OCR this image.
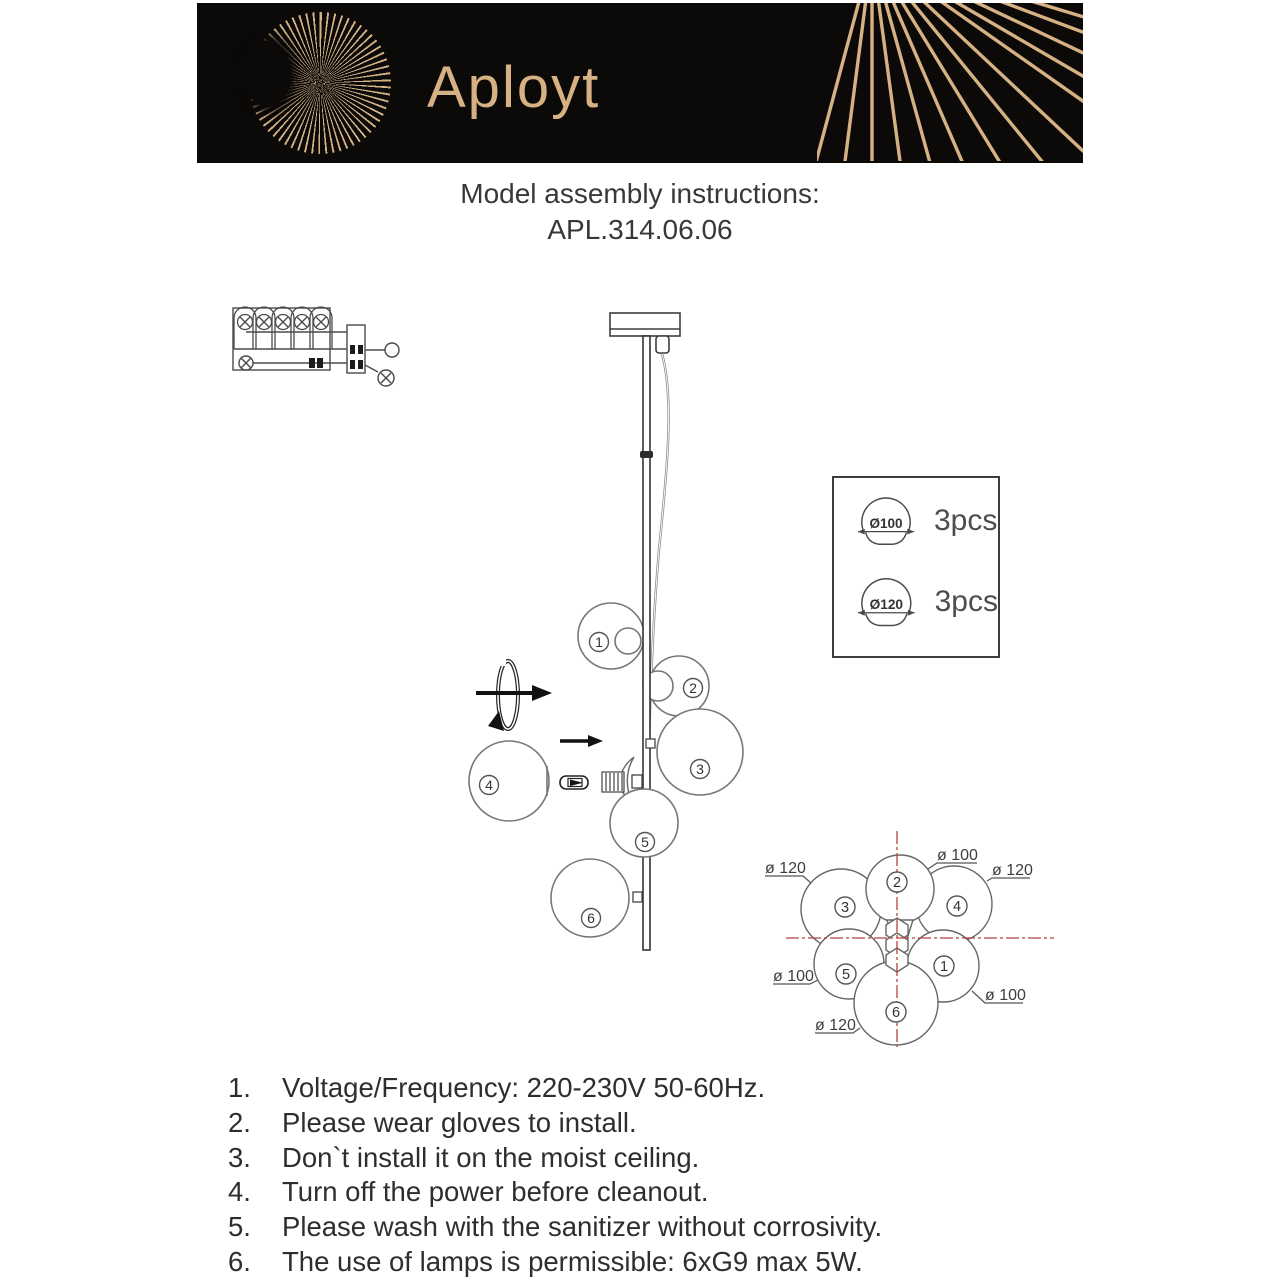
Aployt
Model assembly instructions:
APL.314.06.06
1
2
3
4
5
6
Ø100 3pcs
Ø120 3pcs
2
3	4
5	1
6
ø 120
ø 100
ø 120
ø 100
ø 100
ø 120
1.	Voltage/Frequency: 220-230V 50-60Hz.
2.	Please wear gloves to install.
3.	Don`t install it on the moist ceiling.
4.	Turn off the power before cleanout.
5.	Please wash with the sanitizer without corrosivity.
6.	The use of lamps is permissible: 6xG9 max 5W.
